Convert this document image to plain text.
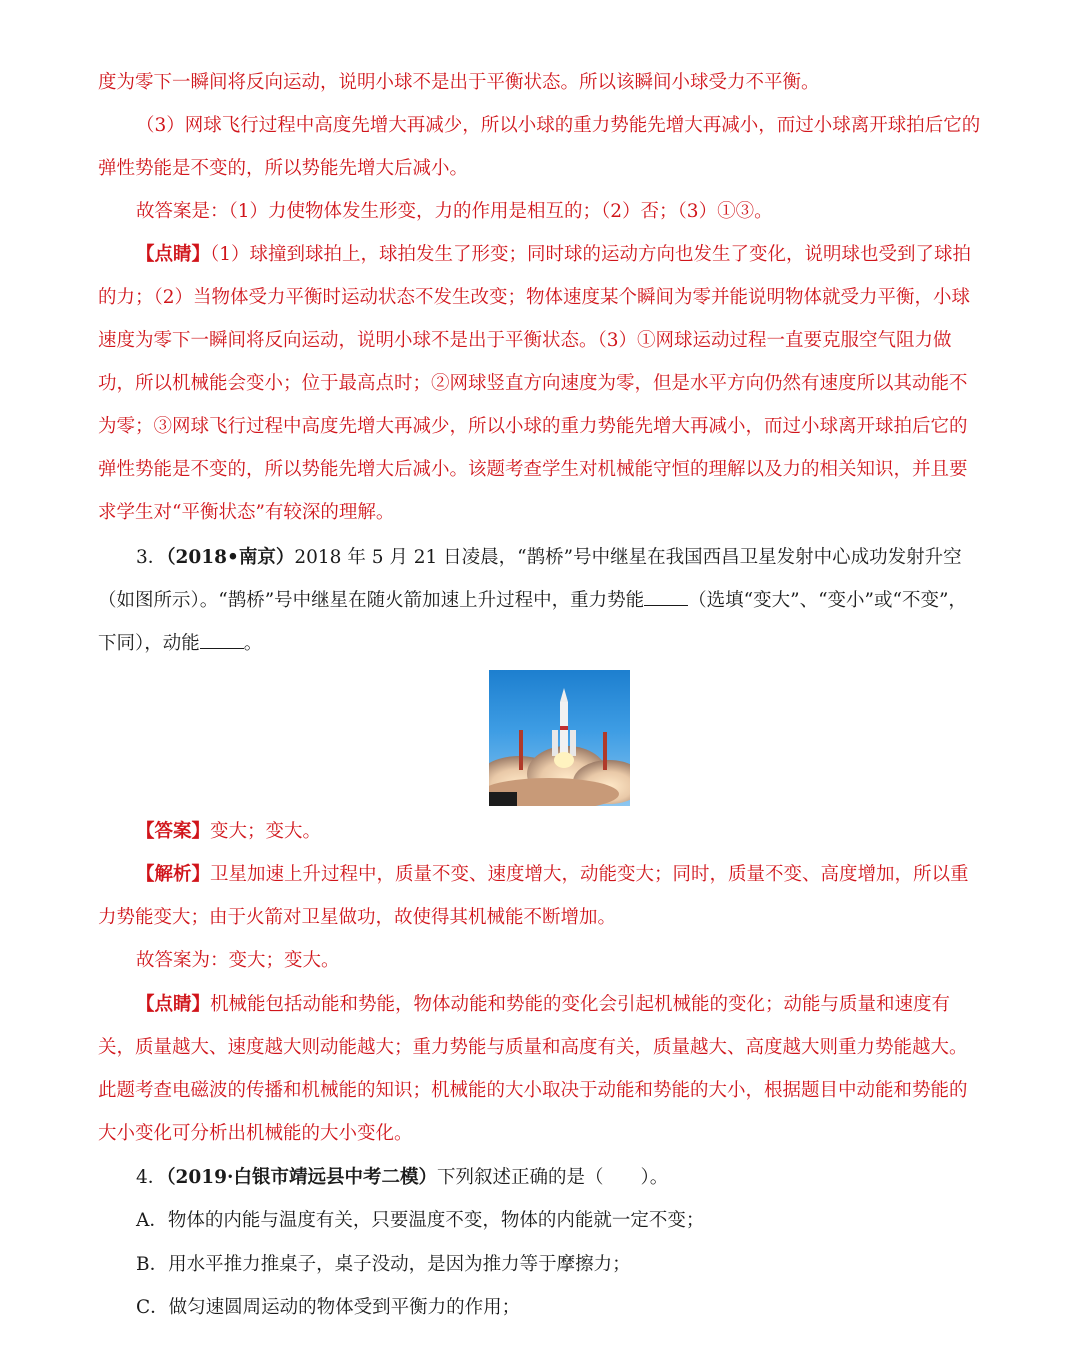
度为零下一瞬间将反向运动，说明小球不是出于平衡状态。所以该瞬间小球受力不平衡。

（3）网球飞行过程中高度先增大再减少，所以小球的重力势能先增大再减小，而过小球离开球拍后它的弹性势能是不变的，所以势能先增大后减小。

故答案是：（1）力使物体发生形变，力的作用是相互的；（2）否；（3）①③。

【点睛】（1）球撞到球拍上，球拍发生了形变；同时球的运动方向也发生了变化，说明球也受到了球拍的力；（2）当物体受力平衡时运动状态不发生改变；物体速度某个瞬间为零并能说明物体就受力平衡，小球速度为零下一瞬间将反向运动，说明小球不是出于平衡状态。（3）①网球运动过程一直要克服空气阻力做功，所以机械能会变小；位于最高点时；②网球竖直方向速度为零，但是水平方向仍然有速度所以其动能不为零；③网球飞行过程中高度先增大再减少，所以小球的重力势能先增大再减小，而过小球离开球拍后它的弹性势能是不变的，所以势能先增大后减小。该题考查学生对机械能守恒的理解以及力的相关知识，并且要求学生对“平衡状态”有较深的理解。

3．（2018•南京）2018 年 5 月 21 日凌晨，“鹊桥”号中继星在我国西昌卫星发射中心成功发射升空（如图所示）。“鹊桥”号中继星在随火箭加速上升过程中，重力势能 （选填“变大”、“变小”或“不变”，下同），动能 。

【答案】变大；变大。

【解析】卫星加速上升过程中，质量不变、速度增大，动能变大；同时，质量不变、高度增加，所以重力势能变大；由于火箭对卫星做功，故使得其机械能不断增加。

故答案为：变大；变大。

【点睛】机械能包括动能和势能，物体动能和势能的变化会引起机械能的变化；动能与质量和速度有关，质量越大、速度越大则动能越大；重力势能与质量和高度有关，质量越大、高度越大则重力势能越大。此题考查电磁波的传播和机械能的知识；机械能的大小取决于动能和势能的大小，根据题目中动能和势能的大小变化可分析出机械能的大小变化。

4．（2019·白银市靖远县中考二模）下列叙述正确的是（　　）。

A．物体的内能与温度有关，只要温度不变，物体的内能就一定不变；

B．用水平推力推桌子，桌子没动，是因为推力等于摩擦力；

C．做匀速圆周运动的物体受到平衡力的作用；
